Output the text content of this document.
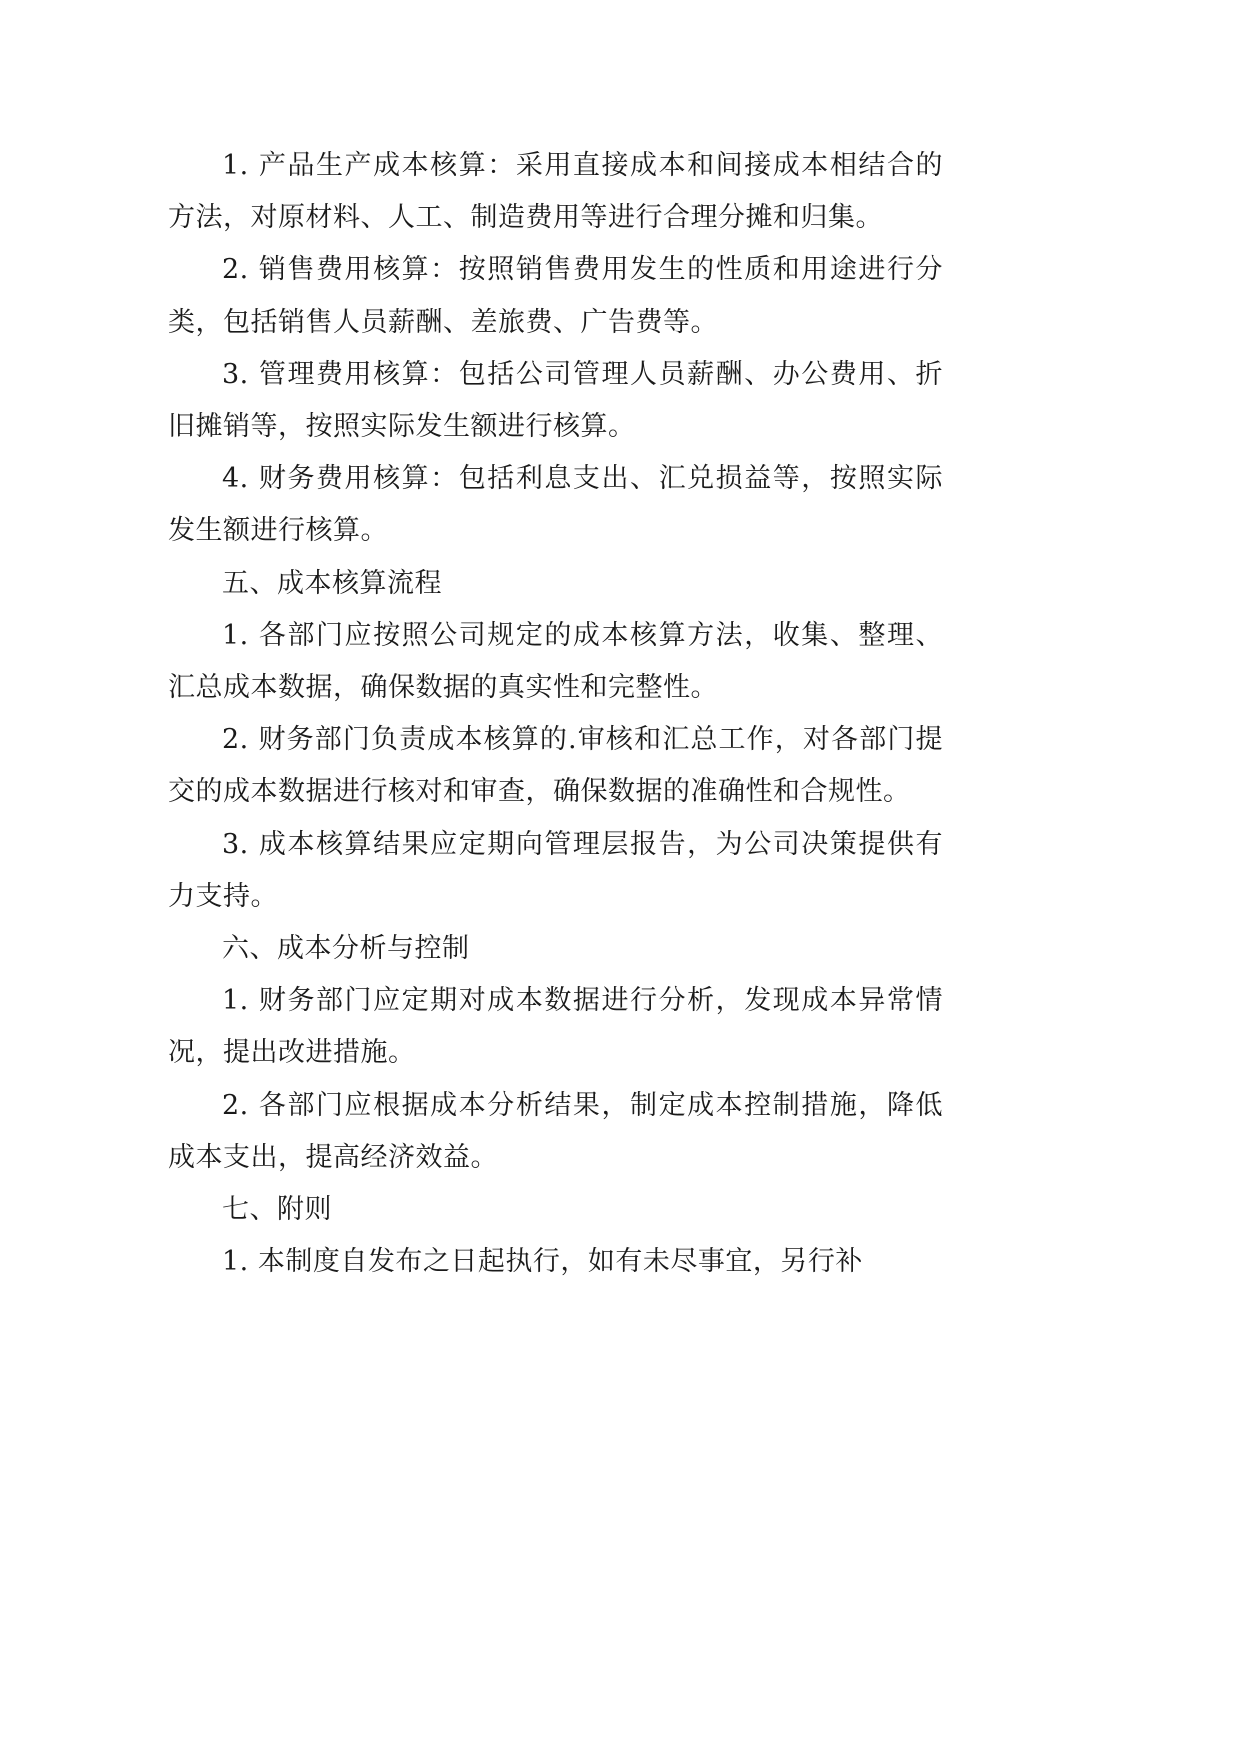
1. 产品生产成本核算：采用直接成本和间接成本相结合的方法，对原材料、人工、制造费用等进行合理分摊和归集。

2. 销售费用核算：按照销售费用发生的性质和用途进行分类，包括销售人员薪酬、差旅费、广告费等。

3. 管理费用核算：包括公司管理人员薪酬、办公费用、折旧摊销等，按照实际发生额进行核算。

4. 财务费用核算：包括利息支出、汇兑损益等，按照实际发生额进行核算。

五、成本核算流程

1. 各部门应按照公司规定的成本核算方法，收集、整理、汇总成本数据，确保数据的真实性和完整性。

2. 财务部门负责成本核算的.审核和汇总工作，对各部门提交的成本数据进行核对和审查，确保数据的准确性和合规性。

3. 成本核算结果应定期向管理层报告，为公司决策提供有力支持。

六、成本分析与控制

1. 财务部门应定期对成本数据进行分析，发现成本异常情况，提出改进措施。

2. 各部门应根据成本分析结果，制定成本控制措施，降低成本支出，提高经济效益。

七、附则

1. 本制度自发布之日起执行，如有未尽事宜，另行补
